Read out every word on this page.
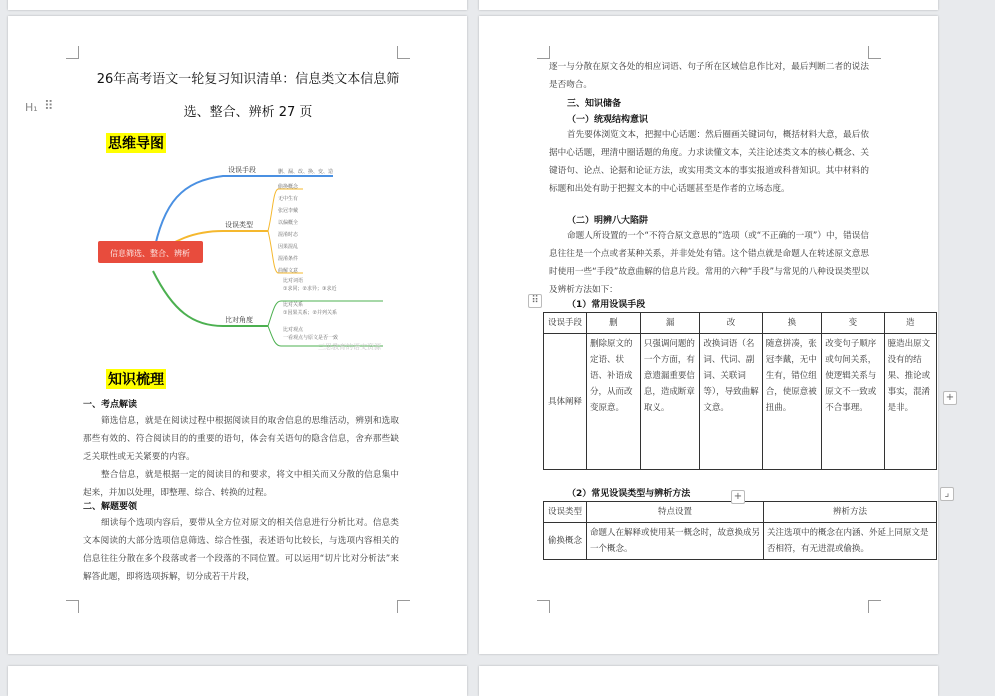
26年高考语文一轮复习知识清单：信息类文本信息筛
选、整合、辨析 27 页
思维导图
信息筛选、整合、辨析
设误手段	删、漏、改、换、变、造
设误类型
偷换概念
无中生有
张冠李戴
以偏概全
混淆时态
因果混乱
混淆条件
曲解文意
比对角度
比对词语
①求同；②求异；③求近
比对关系
①因果关系；②并列关系
比对观点
一看观点与原文是否一致
三思教育的语文资源
知识梳理
一、考点解读
筛选信息，就是在阅读过程中根据阅读目的取舍信息的思维活动，辨别和选取那些有效的、符合阅读目的的重要的语句，体会有关语句的隐含信息，舍弃那些缺乏关联性或无关紧要的内容。
整合信息，就是根据一定的阅读目的和要求，将文中相关而又分散的信息集中起来，并加以处理，即整理、综合、转换的过程。
二、解题要领
细读每个选项内容后，要带从全方位对原文的相关信息进行分析比对。信息类文本阅读的大部分选项信息筛选、综合性强，表述语句比较长，与选项内容相关的信息往往分散在多个段落或者一个段落的不同位置。可以运用“切片比对分析法”来解答此题，即将选项拆解，切分成若干片段，
H₁ ⠿
逐一与分散在原文各处的相应词语、句子所在区域信息作比对，最后判断二者的说法是否吻合。
三、知识储备
（一）统观结构意识
首先要体浏览文本，把握中心话题：然后圈画关键词句，概括材料大意，最后依据中心话题，理清中圈话题的角度。力求读懂文本，关注论述类文本的核心概念、关键语句、论点、论据和论证方法，或实用类文本的事实报道或科普知识。其中材料的标题和出处有助于把握文本的中心话题甚至是作者的立场态度。
（二）明辨八大陷阱
命题人所设置的一个“不符合原文意思的”选项（或“不正确的一项”）中，错误信息往往是一个点或者某种关系，并非处处有错。这个错点就是命题人在转述原文意思时使用一些“手段”故意曲解的信息片段。常用的六种“手段”与常见的八种设误类型以及辨析方法如下：
（1）常用设误手段
设误手段	删	漏	改	换	变	造
具体阐释	删除原文的定语、状语、补语成分，从而改变原意。	只强调问题的一个方面，有意遗漏重要信息，造成断章取义。	改换词语（名词、代词、副词、关联词等），导致曲解文意。	随意拼凑，张冠李戴，无中生有，错位组合，使原意被扭曲。	改变句子顺序或句间关系，使逻辑关系与原文不一致或不合事理。	臆造出原文没有的结果、推论或事实，混淆是非。
（2）常见设误类型与辨析方法
设误类型	特点设置	辨析方法
偷换概念	命题人在解释或使用某一概念时，故意换成另一个概念。	关注选项中的概念在内涵、外延上同原文是否相符，有无进混或偷换。
⠿
+
+	⌟
